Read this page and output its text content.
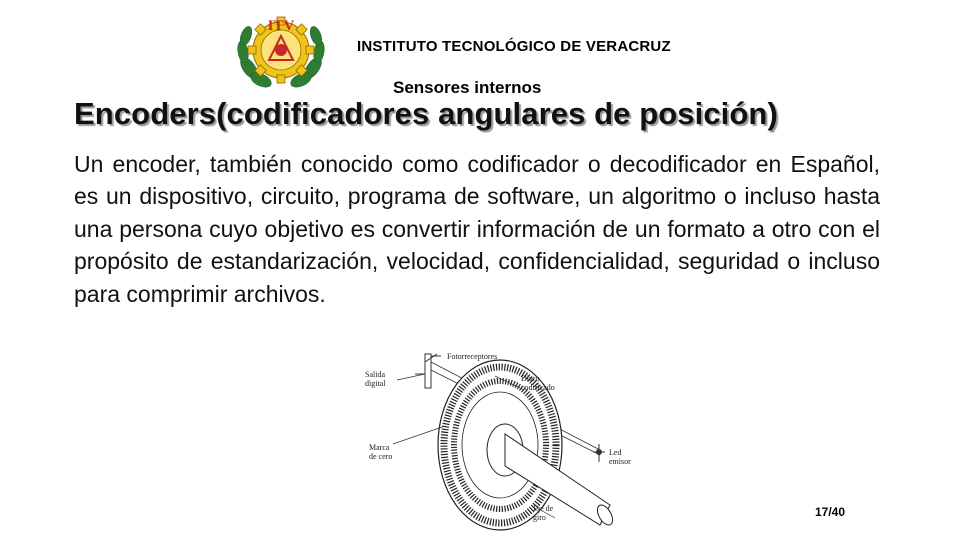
ITV
INSTITUTO TECNOLÓGICO DE VERACRUZ
Sensores internos
Encoders(codificadores angulares de posición)
Un encoder, también conocido como codificador o decodificador en Español, es un dispositivo, circuito, programa de software, un algoritmo o incluso hasta una persona cuyo objetivo es convertir información de un formato a otro con el propósito de estandarización, velocidad, confidencialidad, seguridad o incluso para comprimir archivos.
Fotorreceptores
Salida
digital
Disco
codificado
Marca
de cero	Led
emisor
Eje de
giro	17/40
